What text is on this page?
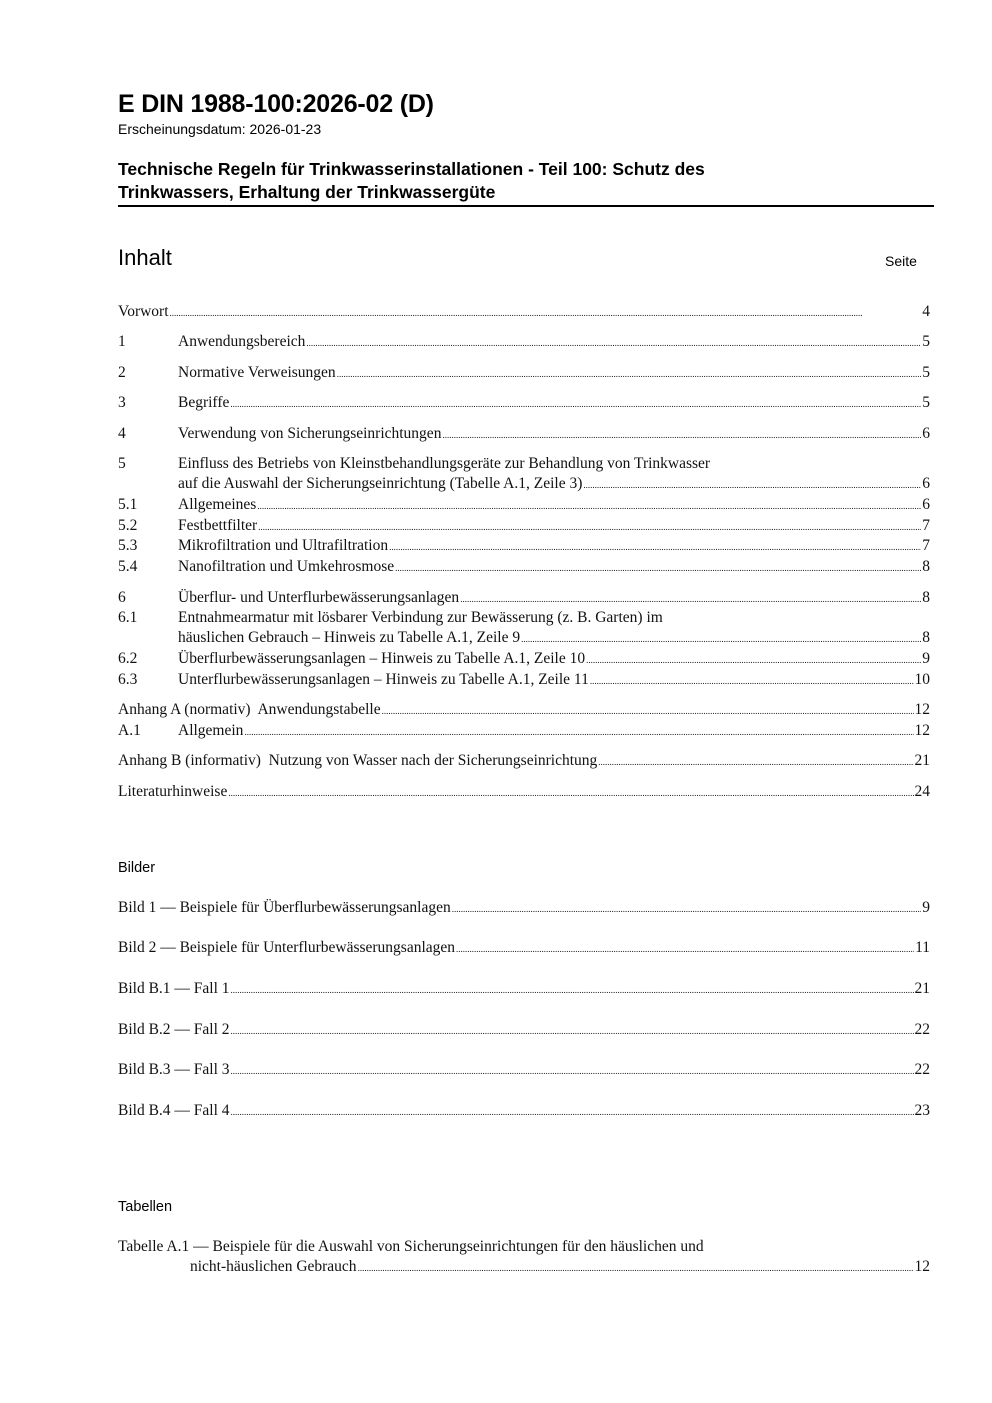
E DIN 1988-100:2026-02 (D)
Erscheinungsdatum: 2026-01-23
Technische Regeln für Trinkwasserinstallationen - Teil 100: Schutz des
Trinkwassers, Erhaltung der Trinkwassergüte
Inhalt	Seite
Vorwort .....	4
1	Anwendungsbereich .....	5
2	Normative Verweisungen .....	5
3	Begriffe .....	5
4	Verwendung von Sicherungseinrichtungen .....	6
5	Einfluss des Betriebs von Kleinstbehandlungsgeräte zur Behandlung von Trinkwasser
auf die Auswahl der Sicherungseinrichtung (Tabelle A.1, Zeile 3) .....	6
5.1	Allgemeines .....	6
5.2	Festbettfilter .....	7
5.3	Mikrofiltration und Ultrafiltration .....	7
5.4	Nanofiltration und Umkehrosmose .....	8
6	Überflur- und Unterflurbewässerungsanlagen .....	8
6.1	Entnahmearmatur mit lösbarer Verbindung zur Bewässerung (z. B. Garten) im
häuslichen Gebrauch – Hinweis zu Tabelle A.1, Zeile 9 .....	8
6.2	Überflurbewässerungsanlagen – Hinweis zu Tabelle A.1, Zeile 10 .....	9
6.3	Unterflurbewässerungsanlagen – Hinweis zu Tabelle A.1, Zeile 11 .....	10
Anhang A (normativ)  Anwendungstabelle .....	12
A.1	Allgemein .....	12
Anhang B (informativ)  Nutzung von Wasser nach der Sicherungseinrichtung .....	21
Literaturhinweise .....	24
Bilder
Bild 1 — Beispiele für Überflurbewässerungsanlagen .....	9
Bild 2 — Beispiele für Unterflurbewässerungsanlagen .....	11
Bild B.1 — Fall 1 .....	21
Bild B.2 — Fall 2 .....	22
Bild B.3 — Fall 3 .....	22
Bild B.4 — Fall 4 .....	23
Tabellen
Tabelle A.1 — Beispiele für die Auswahl von Sicherungseinrichtungen für den häuslichen und
nicht-häuslichen Gebrauch .....	12
